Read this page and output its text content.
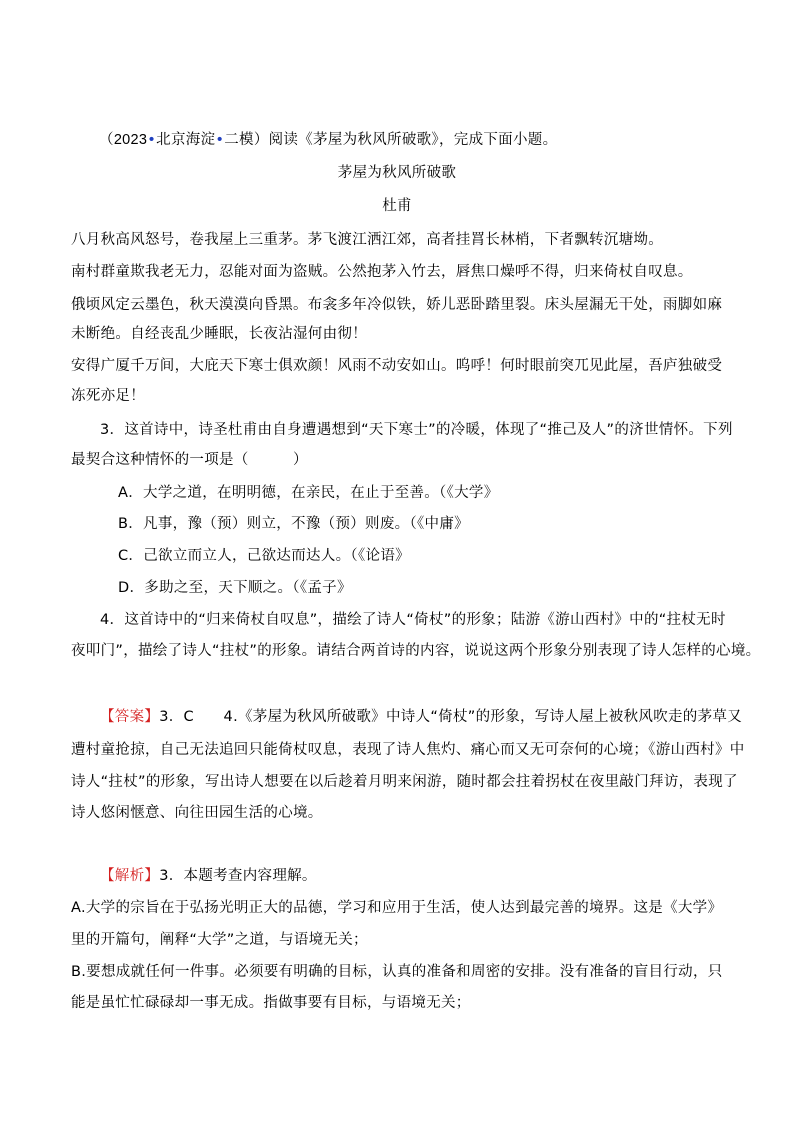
（2023•北京海淀•二模）阅读《茅屋为秋风所破歌》，完成下面小题。
茅屋为秋风所破歌
杜甫
八月秋高风怒号，卷我屋上三重茅。茅飞渡江洒江郊，高者挂罥长林梢，下者飘转沉塘坳。
南村群童欺我老无力，忍能对面为盗贼。公然抱茅入竹去，唇焦口燥呼不得，归来倚杖自叹息。
俄顷风定云墨色，秋天漠漠向昏黑。布衾多年冷似铁，娇儿恶卧踏里裂。床头屋漏无干处，雨脚如麻
未断绝。自经丧乱少睡眠，长夜沾湿何由彻！
安得广厦千万间，大庇天下寒士俱欢颜！风雨不动安如山。呜呼！何时眼前突兀见此屋，吾庐独破受
冻死亦足！
3．这首诗中，诗圣杜甫由自身遭遇想到“天下寒士”的冷暖，体现了“推己及人”的济世情怀。下列
最契合这种情怀的一项是（　　　）
A．大学之道，在明明德，在亲民，在止于至善。（《大学》
B．凡事，豫（预）则立，不豫（预）则废。（《中庸》
C．己欲立而立人，己欲达而达人。（《论语》
D．多助之至，天下顺之。（《孟子》
4．这首诗中的“归来倚杖自叹息”，描绘了诗人“倚杖”的形象；陆游《游山西村》中的“拄杖无时
夜叩门”，描绘了诗人“拄杖”的形象。请结合两首诗的内容，说说这两个形象分别表现了诗人怎样的心境。
【答案】3．C　　4.《茅屋为秋风所破歌》中诗人“倚杖”的形象，写诗人屋上被秋风吹走的茅草又
遭村童抢掠，自己无法追回只能倚杖叹息，表现了诗人焦灼、痛心而又无可奈何的心境；《游山西村》中
诗人“拄杖”的形象，写出诗人想要在以后趁着月明来闲游，随时都会拄着拐杖在夜里敲门拜访，表现了
诗人悠闲惬意、向往田园生活的心境。
【解析】3．本题考查内容理解。
A.大学的宗旨在于弘扬光明正大的品德，学习和应用于生活，使人达到最完善的境界。这是《大学》
里的开篇句，阐释“大学”之道，与语境无关；
B.要想成就任何一件事。必须要有明确的目标，认真的准备和周密的安排。没有准备的盲目行动，只
能是虽忙忙碌碌却一事无成。指做事要有目标，与语境无关；
